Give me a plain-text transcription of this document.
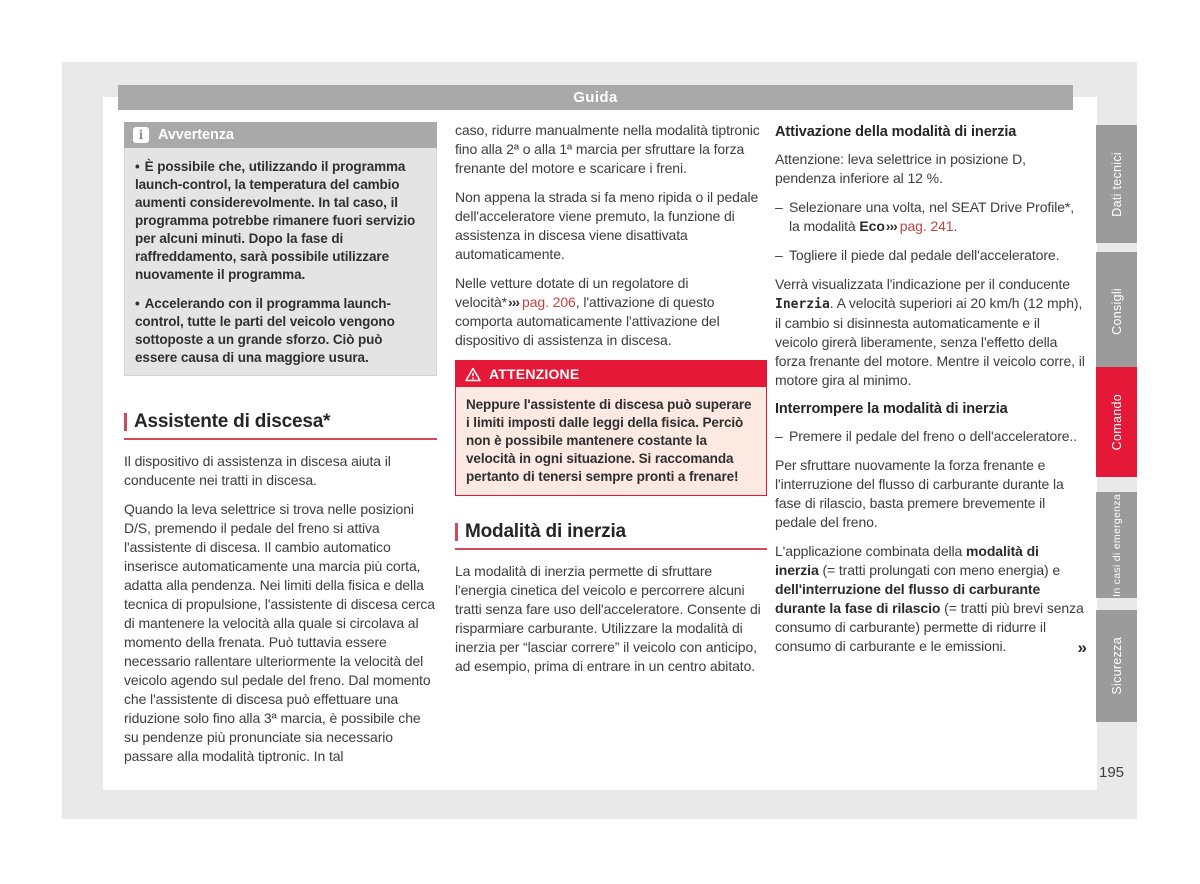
Guida
Dati tecnici
Consigli
Comando
In casi di emergenza
Sicurezza
i	Avvertenza

• È possibile che, utilizzando il programma launch-control, la temperatura del cambio aumenti considerevolmente. In tal caso, il programma potrebbe rimanere fuori servizio per alcuni minuti. Dopo la fase di raffreddamento, sarà possibile utilizzare nuovamente il programma.

• Accelerando con il programma launch-control, tutte le parti del veicolo vengono sottoposte a un grande sforzo. Ciò può essere causa di una maggiore usura.

Assistente di discesa*

Il dispositivo di assistenza in discesa aiuta il conducente nei tratti in discesa.

Quando la leva selettrice si trova nelle posizioni D/S, premendo il pedale del freno si attiva l'assistente di discesa. Il cambio automatico inserisce automaticamente una marcia più corta, adatta alla pendenza. Nei limiti della fisica e della tecnica di propulsione, l'assistente di discesa cerca di mantenere la velocità alla quale si circolava al momento della frenata. Può tuttavia essere necessario rallentare ulteriormente la velocità del veicolo agendo sul pedale del freno. Dal momento che l'assistente di discesa può effettuare una riduzione solo fino alla 3ª marcia, è possibile che su pendenze più pronunciate sia necessario passare alla modalità tiptronic. In tal

caso, ridurre manualmente nella modalità tiptronic fino alla 2ª o alla 1ª marcia per sfruttare la forza frenante del motore e scaricare i freni.

Non appena la strada si fa meno ripida o il pedale dell'acceleratore viene premuto, la funzione di assistenza in discesa viene disattivata automaticamente.

Nelle vetture dotate di un regolatore di velocità*››› pag. 206, l'attivazione di questo comporta automaticamente l'attivazione del dispositivo di assistenza in discesa.

ATTENZIONE
Neppure l'assistente di discesa può superare i limiti imposti dalle leggi della fisica. Perciò non è possibile mantenere costante la velocità in ogni situazione. Si raccomanda pertanto di tenersi sempre pronti a frenare!
Modalità di inerzia

La modalità di inerzia permette di sfruttare l'energia cinetica del veicolo e percorrere alcuni tratti senza fare uso dell'acceleratore. Consente di risparmiare carburante. Utilizzare la modalità di inerzia per “lasciar correre” il veicolo con anticipo, ad esempio, prima di entrare in un centro abitato.

Attivazione della modalità di inerzia

Attenzione: leva selettrice in posizione D, pendenza inferiore al 12 %.

– Selezionare una volta, nel SEAT Drive Profile*, la modalità Eco››› pag. 241.

– Togliere il piede dal pedale dell'acceleratore.

Verrà visualizzata l'indicazione per il conducente Inerzia. A velocità superiori ai 20 km/h (12 mph), il cambio si disinnesta automaticamente e il veicolo girerà liberamente, senza l'effetto della forza frenante del motore. Mentre il veicolo corre, il motore gira al minimo.

Interrompere la modalità di inerzia

– Premere il pedale del freno o dell'acceleratore..

Per sfruttare nuovamente la forza frenante e l'interruzione del flusso di carburante durante la fase di rilascio, basta premere brevemente il pedale del freno.

L'applicazione combinata della modalità di inerzia (= tratti prolungati con meno energia) e dell'interruzione del flusso di carburante durante la fase di rilascio (= tratti più brevi senza consumo di carburante) permette di ridurre il consumo di carburante e le emissioni.	»

195
